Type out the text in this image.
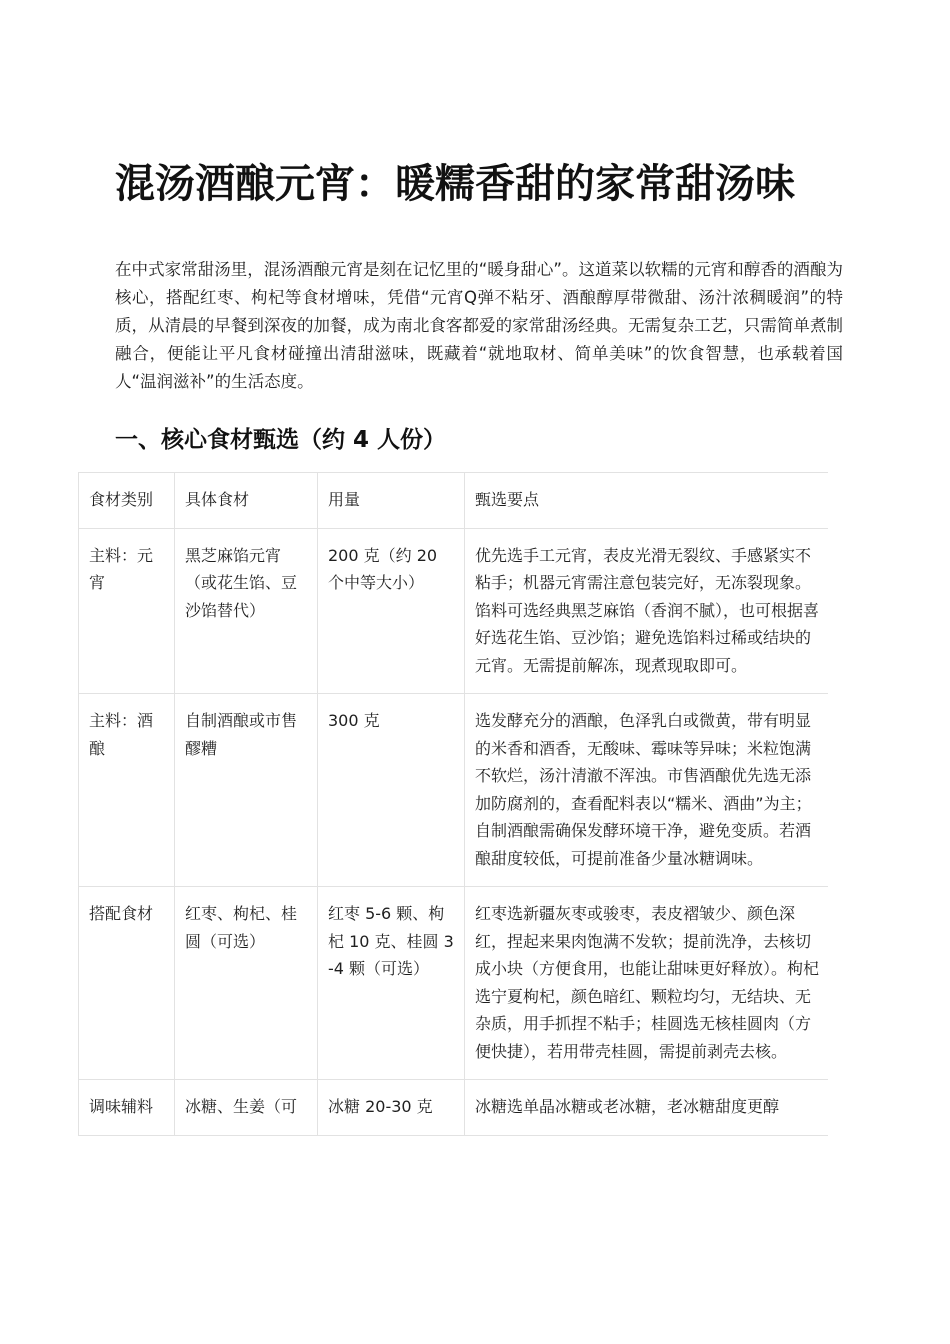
混汤酒酿元宵：暖糯香甜的家常甜汤味

在中式家常甜汤里，混汤酒酿元宵是刻在记忆里的“暖身甜心”。这道菜以软糯的元宵和醇香的酒酿为核心，搭配红枣、枸杞等食材增味，凭借“元宵Q弹不粘牙、酒酿醇厚带微甜、汤汁浓稠暖润”的特质，从清晨的早餐到深夜的加餐，成为南北食客都爱的家常甜汤经典。无需复杂工艺，只需简单煮制融合，便能让平凡食材碰撞出清甜滋味，既藏着“就地取材、简单美味”的饮食智慧，也承载着国人“温润滋补”的生活态度。

一、核心食材甄选（约 4 人份）
食材类别	具体食材	用量	甄选要点
主料：元宵	黑芝麻馅元宵（或花生馅、豆沙馅替代）	200 克（约 20 个中等大小）	优先选手工元宵，表皮光滑无裂纹、手感紧实不粘手；机器元宵需注意包装完好，无冻裂现象。馅料可选经典黑芝麻馅（香润不腻），也可根据喜好选花生馅、豆沙馅；避免选馅料过稀或结块的元宵。无需提前解冻，现煮现取即可。
主料：酒酿	自制酒酿或市售醪糟	300 克	选发酵充分的酒酿，色泽乳白或微黄，带有明显的米香和酒香，无酸味、霉味等异味；米粒饱满不软烂，汤汁清澈不浑浊。市售酒酿优先选无添加防腐剂的，查看配料表以“糯米、酒曲”为主；自制酒酿需确保发酵环境干净，避免变质。若酒酿甜度较低，可提前准备少量冰糖调味。
搭配食材	红枣、枸杞、桂圆（可选）	红枣 5-6 颗、枸杞 10 克、桂圆 3-4 颗（可选）	红枣选新疆灰枣或骏枣，表皮褶皱少、颜色深红，捏起来果肉饱满不发软；提前洗净，去核切成小块（方便食用，也能让甜味更好释放）。枸杞选宁夏枸杞，颜色暗红、颗粒均匀，无结块、无杂质，用手抓捏不粘手；桂圆选无核桂圆肉（方便快捷），若用带壳桂圆，需提前剥壳去核。
调味辅料	冰糖、生姜（可	冰糖 20-30 克	冰糖选单晶冰糖或老冰糖，老冰糖甜度更醇
